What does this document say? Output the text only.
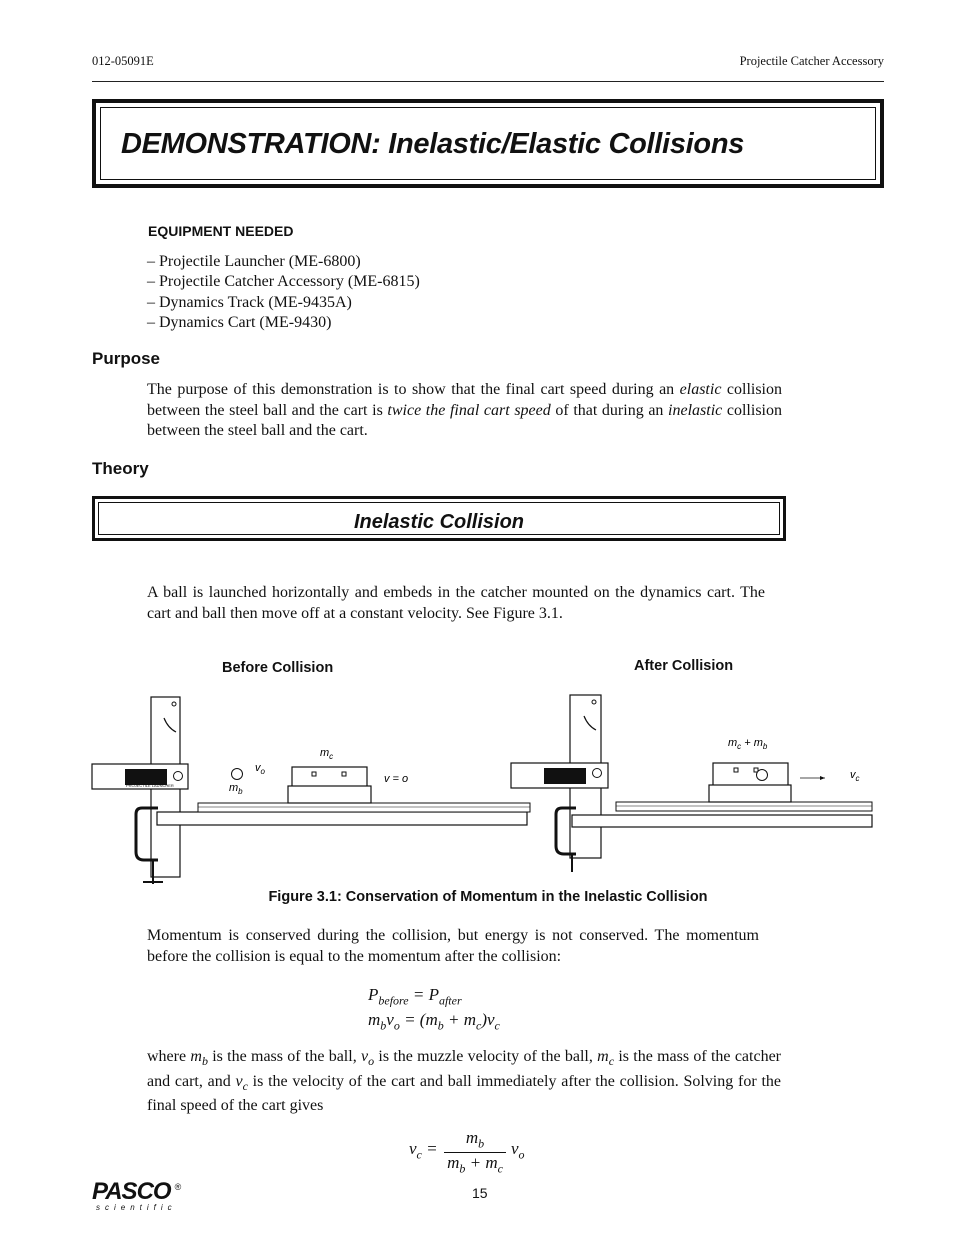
012-05091E	Projectile Catcher Accessory
DEMONSTRATION: Inelastic/Elastic Collisions
EQUIPMENT NEEDED
– Projectile Launcher (ME-6800)
– Projectile Catcher Accessory (ME-6815)
– Dynamics Track (ME-9435A)
– Dynamics Cart (ME-9430)
Purpose

The purpose of this demonstration is to show that the final cart speed during an elastic collision between the steel ball and the cart is twice the final cart speed of that during an inelastic collision between the steel ball and the cart.

Theory
Inelastic Collision
A ball is launched horizontally and embeds in the catcher mounted on the dynamics cart. The cart and ball then move off at a constant velocity. See Figure 3.1.
Before Collision	After Collision
PROJECTILE LAUNCHER
$v_o$
$m_b$
$m_c$
v = o
$m_c + m_b$
$v_c$
Figure 3.1: Conservation of Momentum in the Inelastic Collision
Momentum is conserved during the collision, but energy is not conserved. The momentum before the collision is equal to the momentum after the collision:
$P_{before} = P_{after}$
$m_bv_o = (m_b + m_c)v_c$

where $m_b$ is the mass of the ball, $v_o$ is the muzzle velocity of the ball, $m_c$ is the mass of the catcher and cart, and $v_c$ is the velocity of the cart and ball immediately after the collision. Solving for the final speed of the cart gives

$v_c = \frac{m_b}{m_b + m_c} v_o$
PASCO ®
scientific
15
